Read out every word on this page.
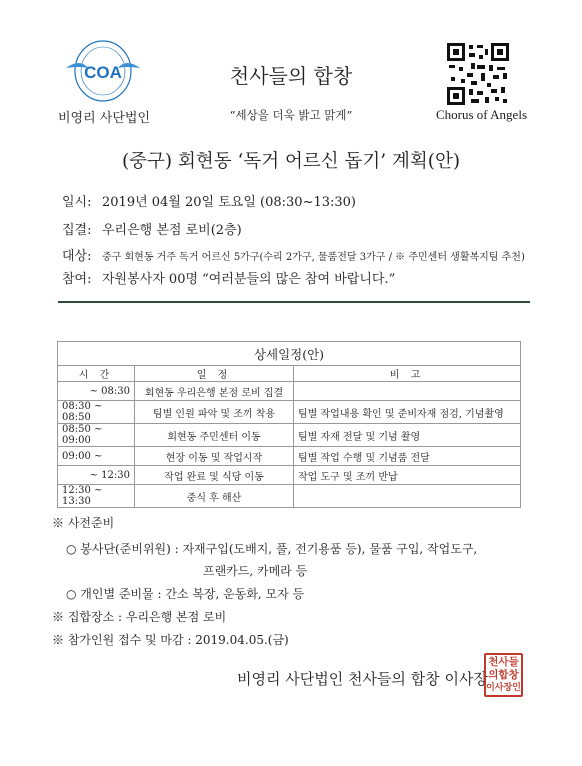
COA
비영리 사단법인
천사들의 합창
“세상을 더욱 밝고 맑게”	Chorus of Angels
(중구) 회현동 ‘독거 어르신 돕기’ 계획(안)
일시: 2019년 04월 20일 토요일 (08:30~13:30)
집결: 우리은행 본점 로비(2층)
대상: 중구 회현동 거주 독거 어르신 5가구(수리 2가구, 물품전달 3가구 / ※ 주민센터 생활복지팀 추천)
참여: 자원봉사자 00명 “여러분들의 많은 참여 바랍니다.”
상세일정(안)		
시 간	일 정	비 고
~ 08:30	회현동 우리은행 본점 로비 집결	
08:30 ~ 08:50	팀별 인원 파악 및 조끼 착용	팀별 작업내용 확인 및 준비자재 점검, 기념촬영
08:50 ~ 09:00	회현동 주민센터 이동	팀별 자재 전달 및 기념 촬영
09:00 ~	현장 이동 및 작업시작	팀별 작업 수행 및 기념품 전달
~ 12:30	작업 완료 및 식당 이동	작업 도구 및 조끼 반납
12:30 ~ 13:30	중식 후 해산	
※ 사전준비
○ 봉사단(준비위원) : 자재구입(도배지, 풀, 전기용품 등), 물품 구입, 작업도구,
프랜카드, 카메라 등
○ 개인별 준비물 : 간소 복장, 운동화, 모자 등
※ 집합장소 : 우리은행 본점 로비
※ 참가인원 접수 및 마감 : 2019.04.05.(금)
비영리 사단법인 천사들의 합창 이사장
천사들
의합창
이사장인
